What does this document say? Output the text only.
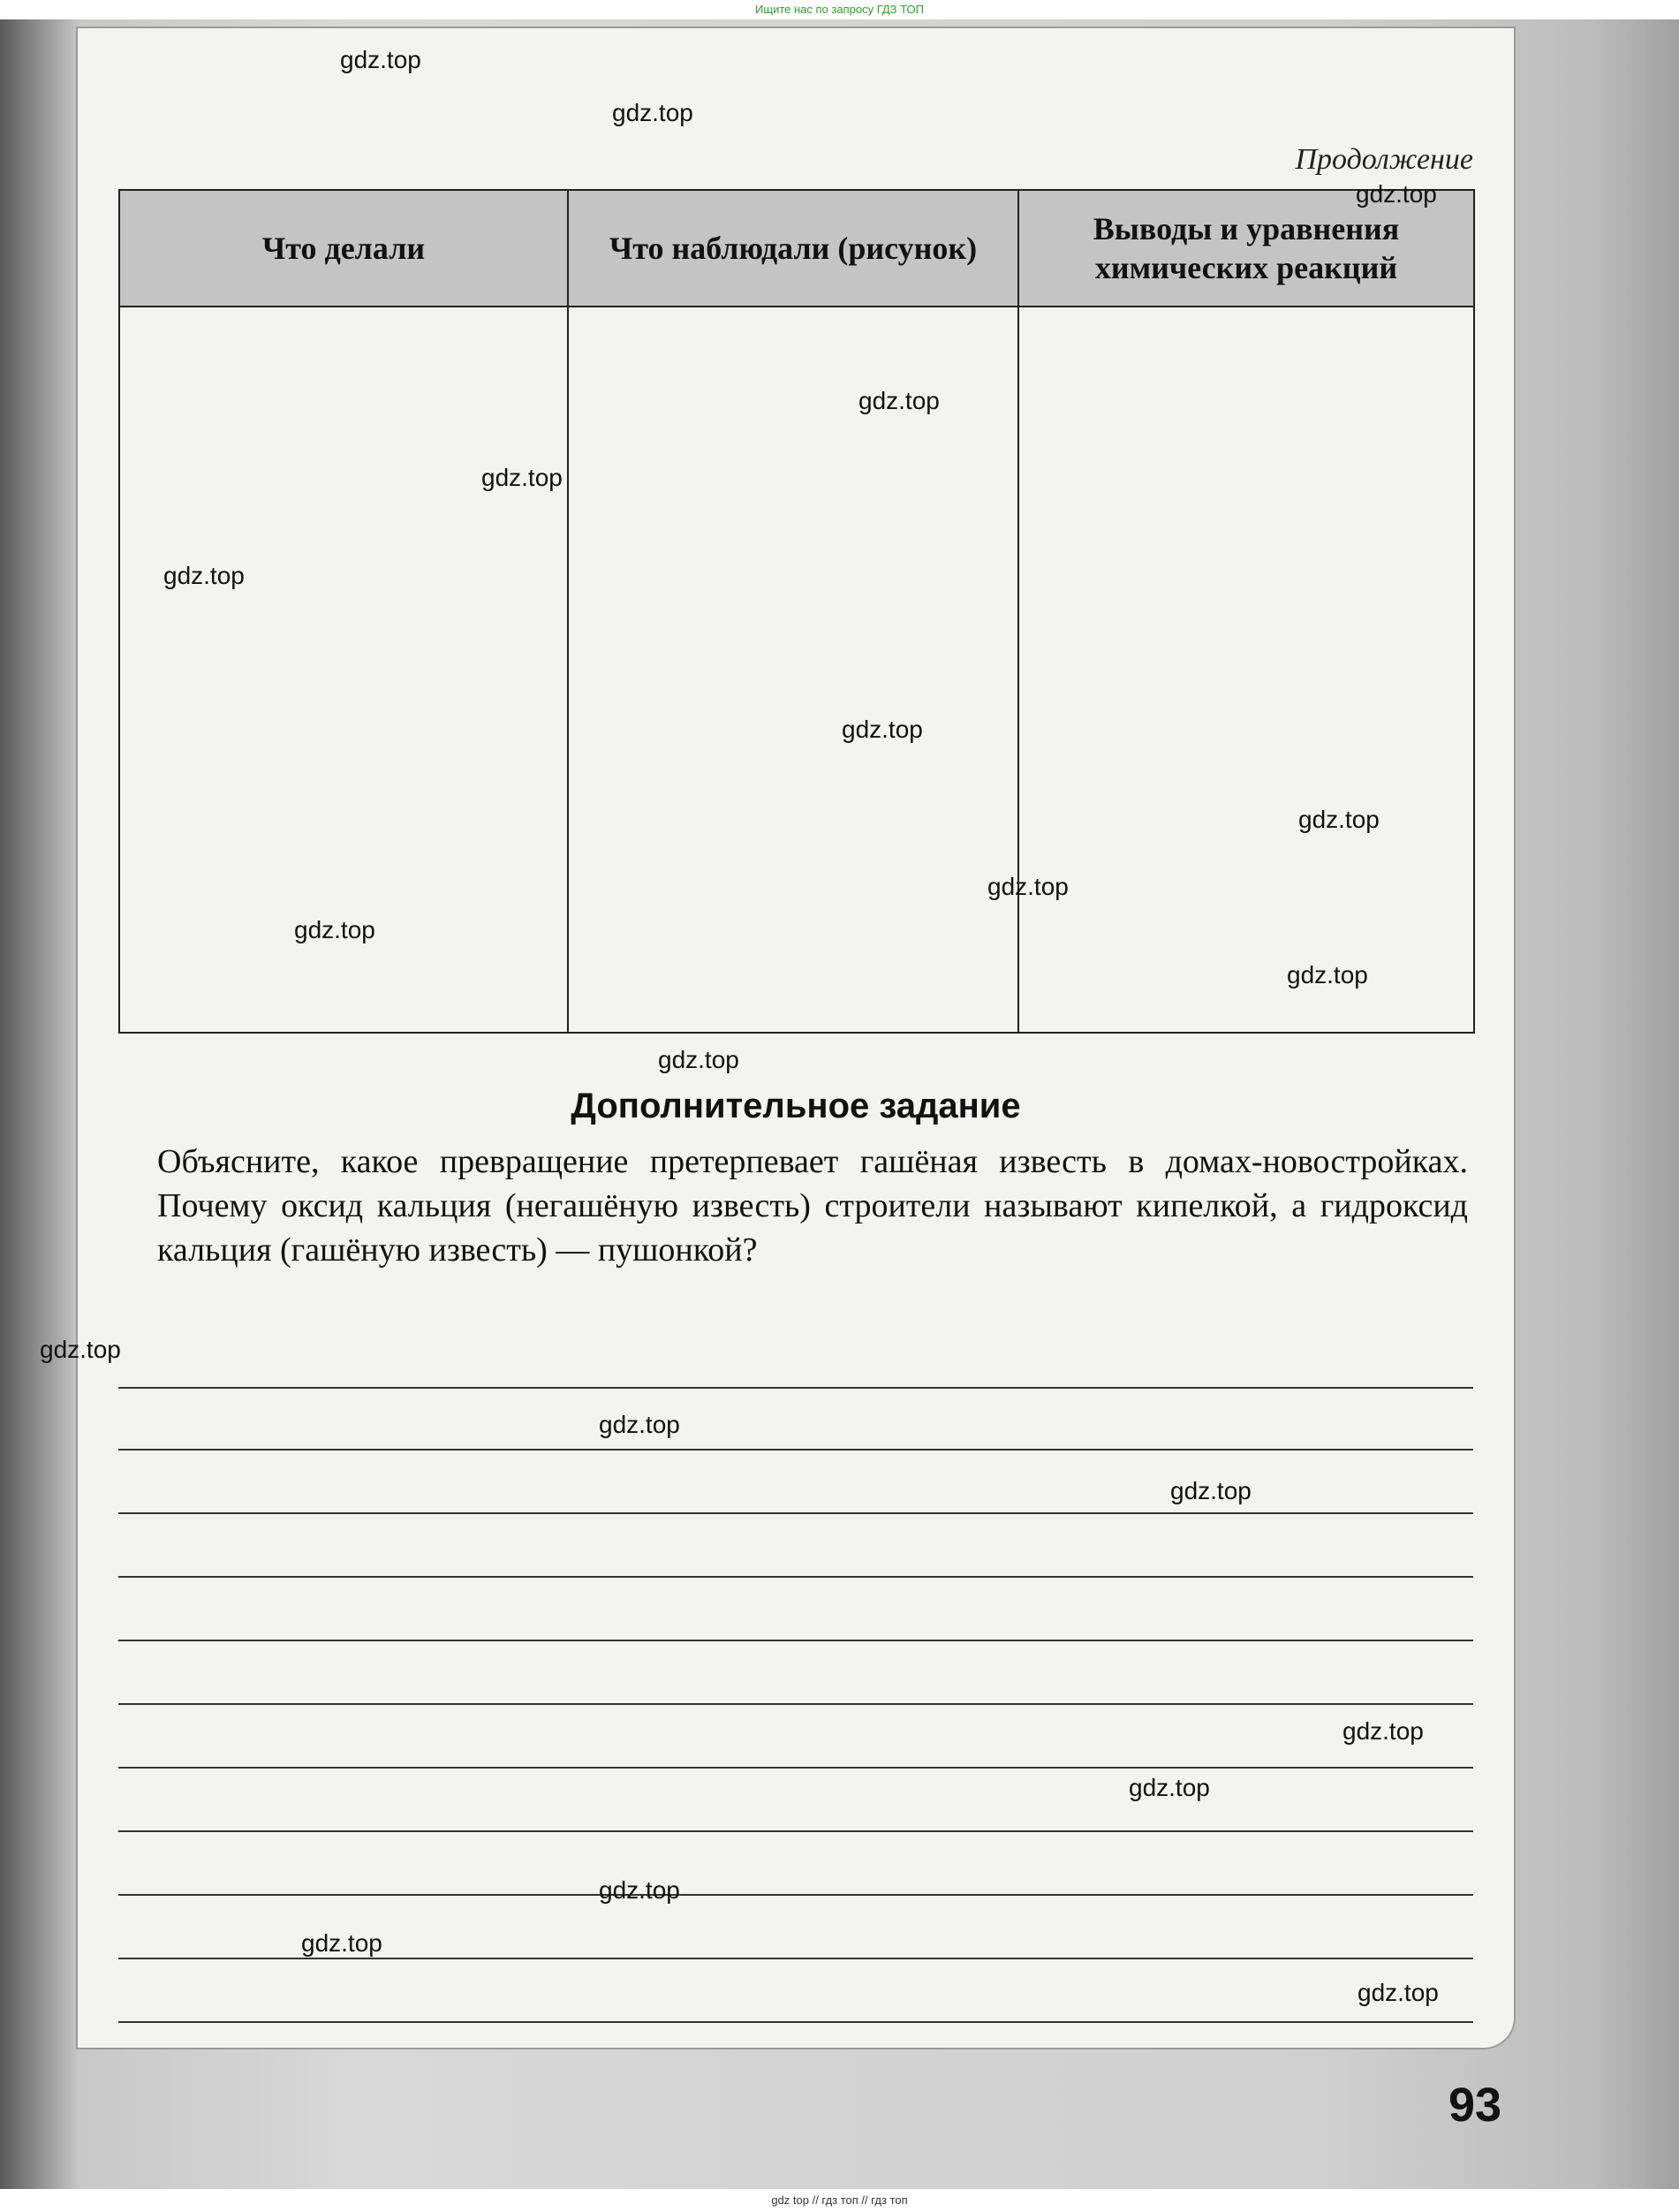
Ищите нас по запросу ГДЗ ТОП
Продолжение
Что делали	Что наблюдали (рисунок)	Выводы и уравнения химических реакций

Дополнительное задание
Объясните, какое превращение претерпевает гашёная известь в домах-новостройках. Почему оксид кальция (негашёную известь) строители называют кипелкой, а гидроксид кальция (гашёную известь) — пушонкой?
93
gdz.top
gdz.top
gdz.top
gdz.top
gdz.top
gdz.top
gdz.top
gdz.top
gdz.top
gdz.top
gdz.top
gdz.top
gdz.top
gdz.top
gdz.top
gdz.top
gdz.top
gdz.top
gdz.top
gdz.top
gdz top // гдз топ // гдз топ
